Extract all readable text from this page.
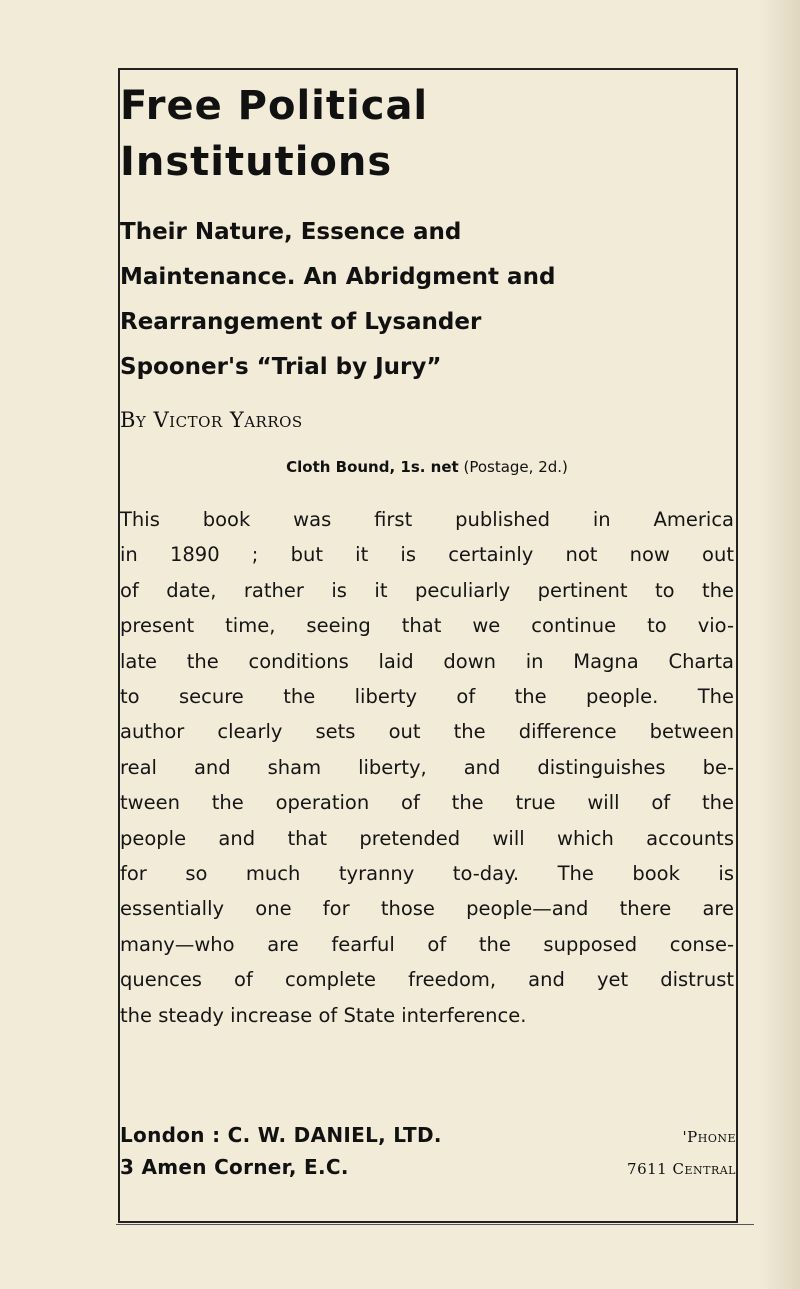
Free Political
Institutions

Their Nature, Essence and Maintenance. An Abridgment and Rearrangement of Lysander Spooner's “Trial by Jury”

By Victor Yarros

Cloth Bound, 1s. net (Postage, 2d.)

This book was first published in America
in 1890 ; but it is certainly not now out
of date, rather is it peculiarly pertinent to the
present time, seeing that we continue to vio-
late the conditions laid down in Magna Charta
to secure the liberty of the people. The
author clearly sets out the difference between
real and sham liberty, and distinguishes be-
tween the operation of the true will of the
people and that pretended will which accounts
for so much tyranny to-day. The book is
essentially one for those people—and there are
many—who are fearful of the supposed conse-
quences of complete freedom, and yet distrust
the steady increase of State interference.
London : C. W. DANIEL, LTD.	'Phone
3 Amen Corner, E.C.	7611 Central
